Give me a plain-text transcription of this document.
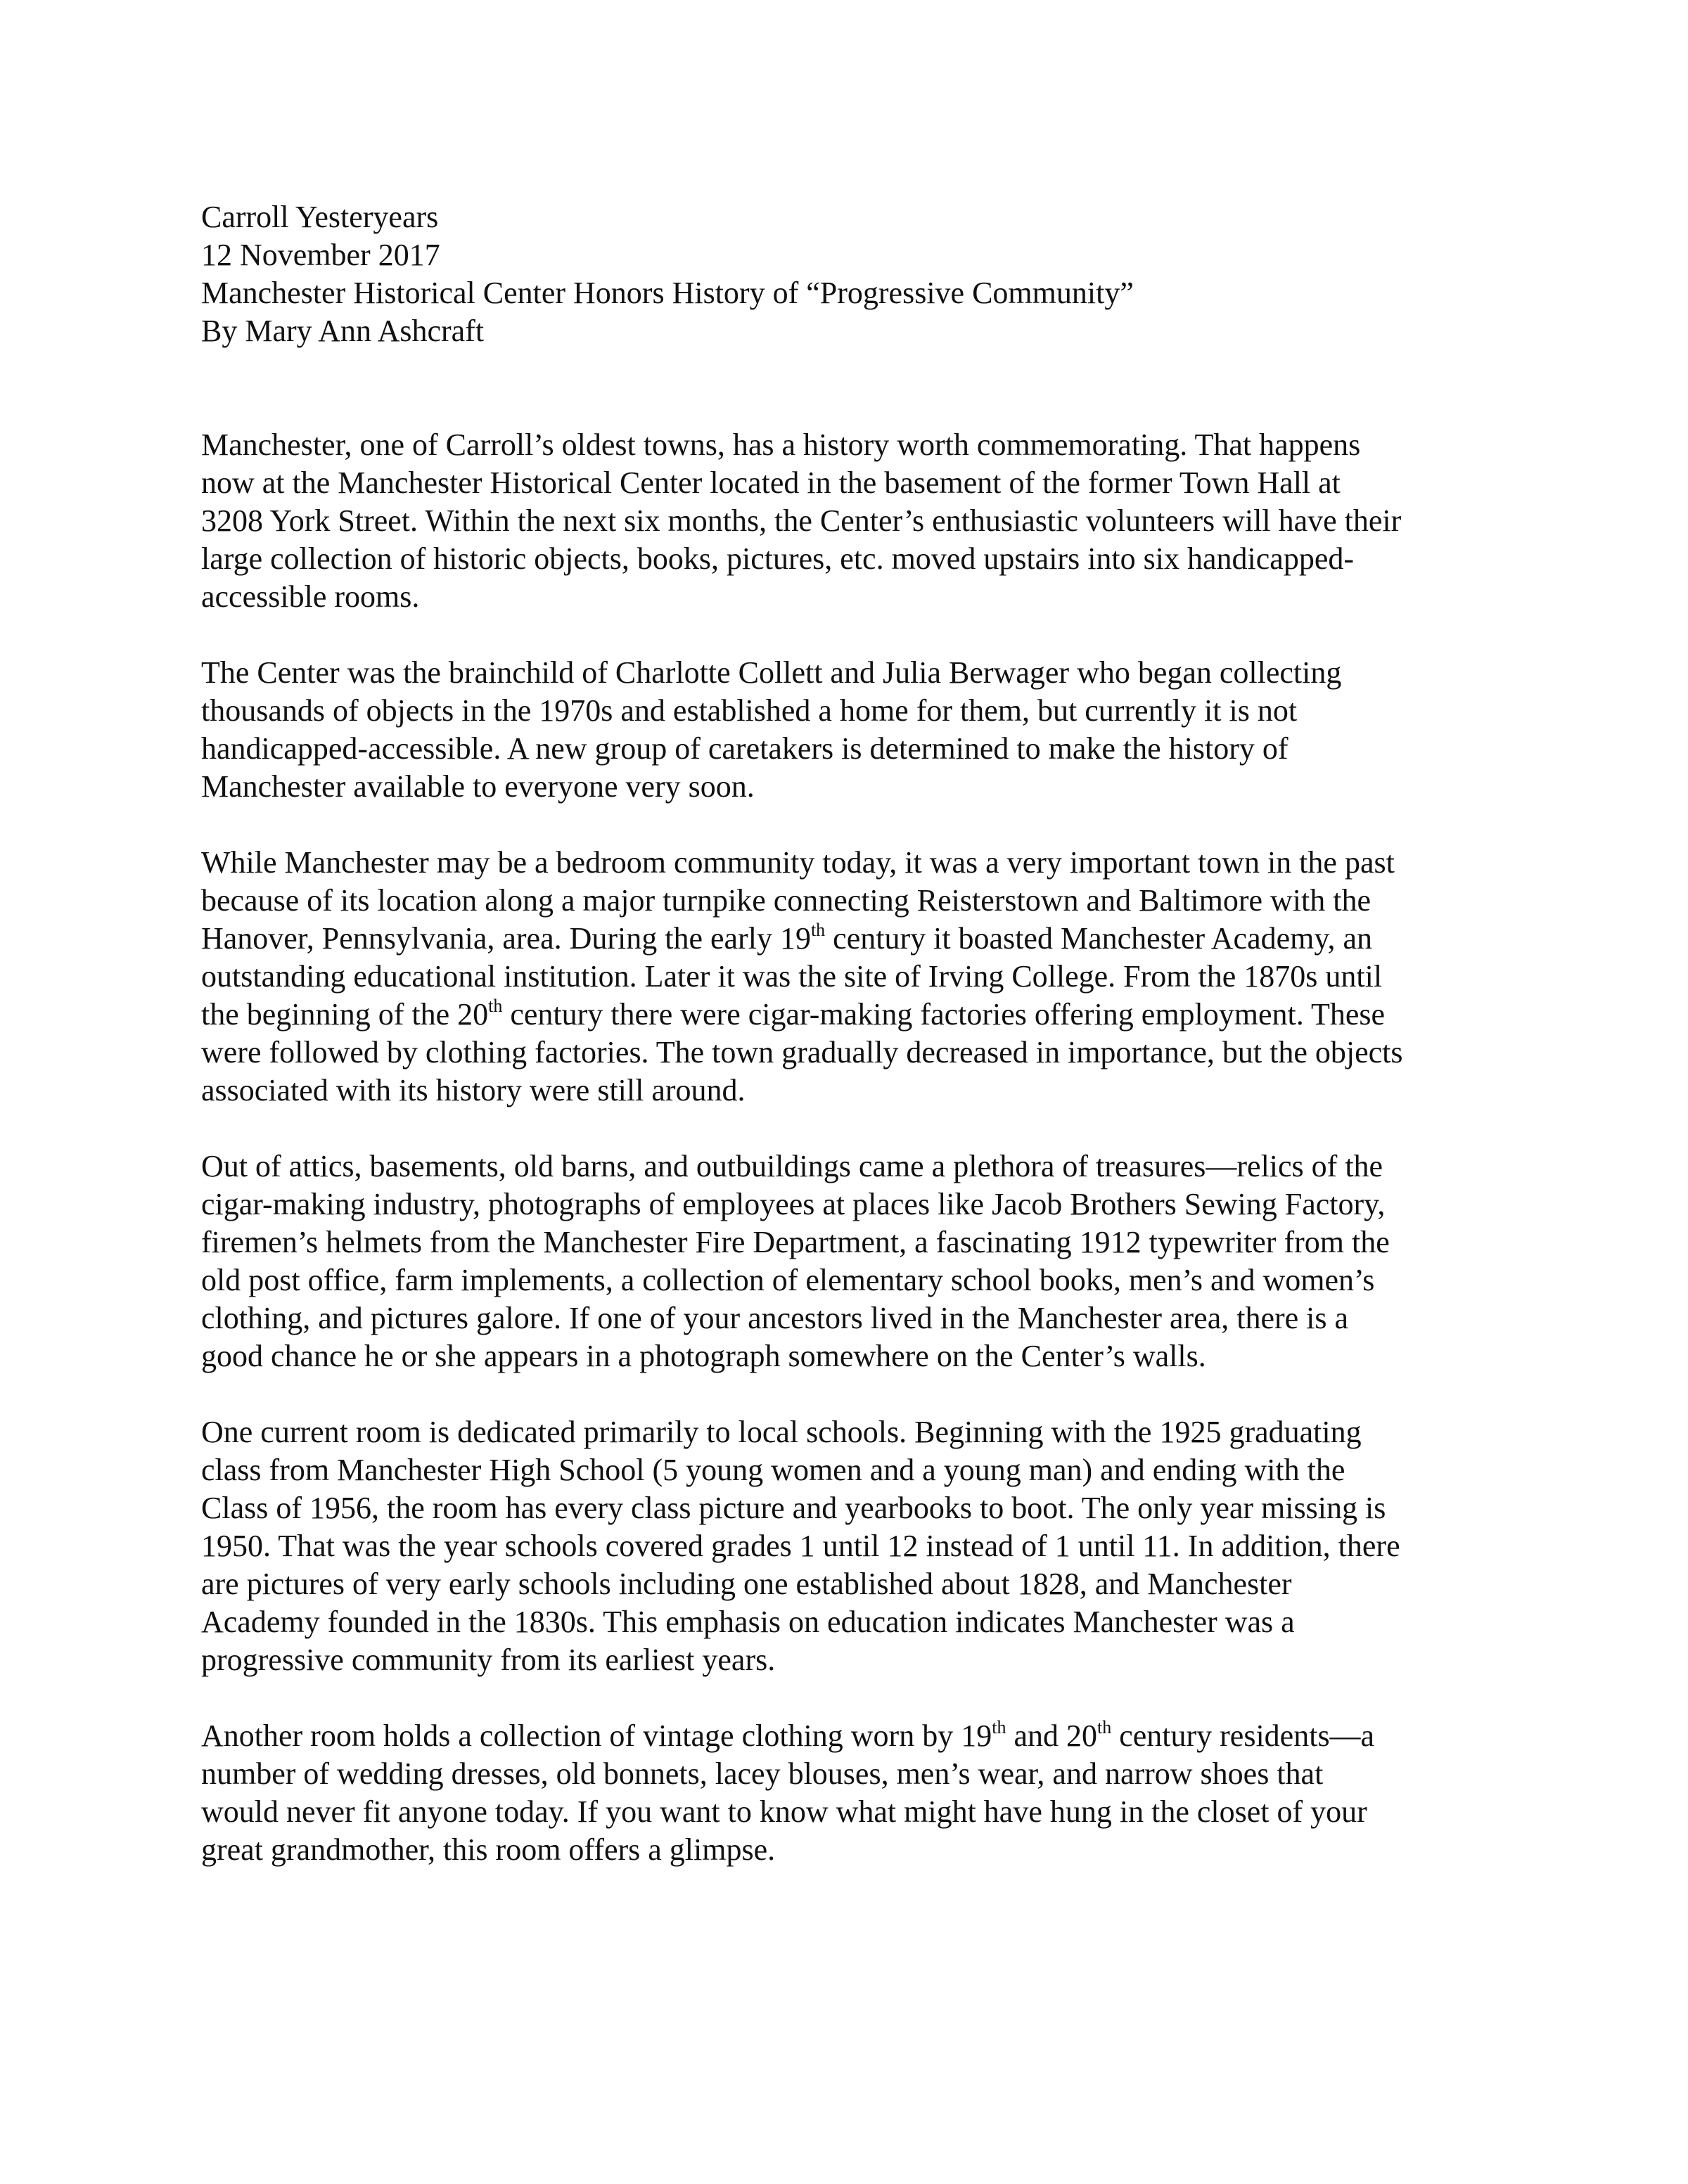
Carroll Yesteryears
12 November 2017
Manchester Historical Center Honors History of “Progressive Community”
By Mary Ann Ashcraft
Manchester, one of Carroll’s oldest towns, has a history worth commemorating. That happens
now at the Manchester Historical Center located in the basement of the former Town Hall at
3208 York Street. Within the next six months, the Center’s enthusiastic volunteers will have their
large collection of historic objects, books, pictures, etc. moved upstairs into six handicapped-
accessible rooms.
The Center was the brainchild of Charlotte Collett and Julia Berwager who began collecting
thousands of objects in the 1970s and established a home for them, but currently it is not
handicapped-accessible. A new group of caretakers is determined to make the history of
Manchester available to everyone very soon.
While Manchester may be a bedroom community today, it was a very important town in the past
because of its location along a major turnpike connecting Reisterstown and Baltimore with the
Hanover, Pennsylvania, area. During the early 19th century it boasted Manchester Academy, an
outstanding educational institution. Later it was the site of Irving College. From the 1870s until
the beginning of the 20th century there were cigar-making factories offering employment. These
were followed by clothing factories. The town gradually decreased in importance, but the objects
associated with its history were still around.
Out of attics, basements, old barns, and outbuildings came a plethora of treasures—relics of the
cigar-making industry, photographs of employees at places like Jacob Brothers Sewing Factory,
firemen’s helmets from the Manchester Fire Department, a fascinating 1912 typewriter from the
old post office, farm implements, a collection of elementary school books, men’s and women’s
clothing, and pictures galore. If one of your ancestors lived in the Manchester area, there is a
good chance he or she appears in a photograph somewhere on the Center’s walls.
One current room is dedicated primarily to local schools. Beginning with the 1925 graduating
class from Manchester High School (5 young women and a young man) and ending with the
Class of 1956, the room has every class picture and yearbooks to boot. The only year missing is
1950. That was the year schools covered grades 1 until 12 instead of 1 until 11. In addition, there
are pictures of very early schools including one established about 1828, and Manchester
Academy founded in the 1830s. This emphasis on education indicates Manchester was a
progressive community from its earliest years.
Another room holds a collection of vintage clothing worn by 19th and 20th century residents—a
number of wedding dresses, old bonnets, lacey blouses, men’s wear, and narrow shoes that
would never fit anyone today. If you want to know what might have hung in the closet of your
great grandmother, this room offers a glimpse.
